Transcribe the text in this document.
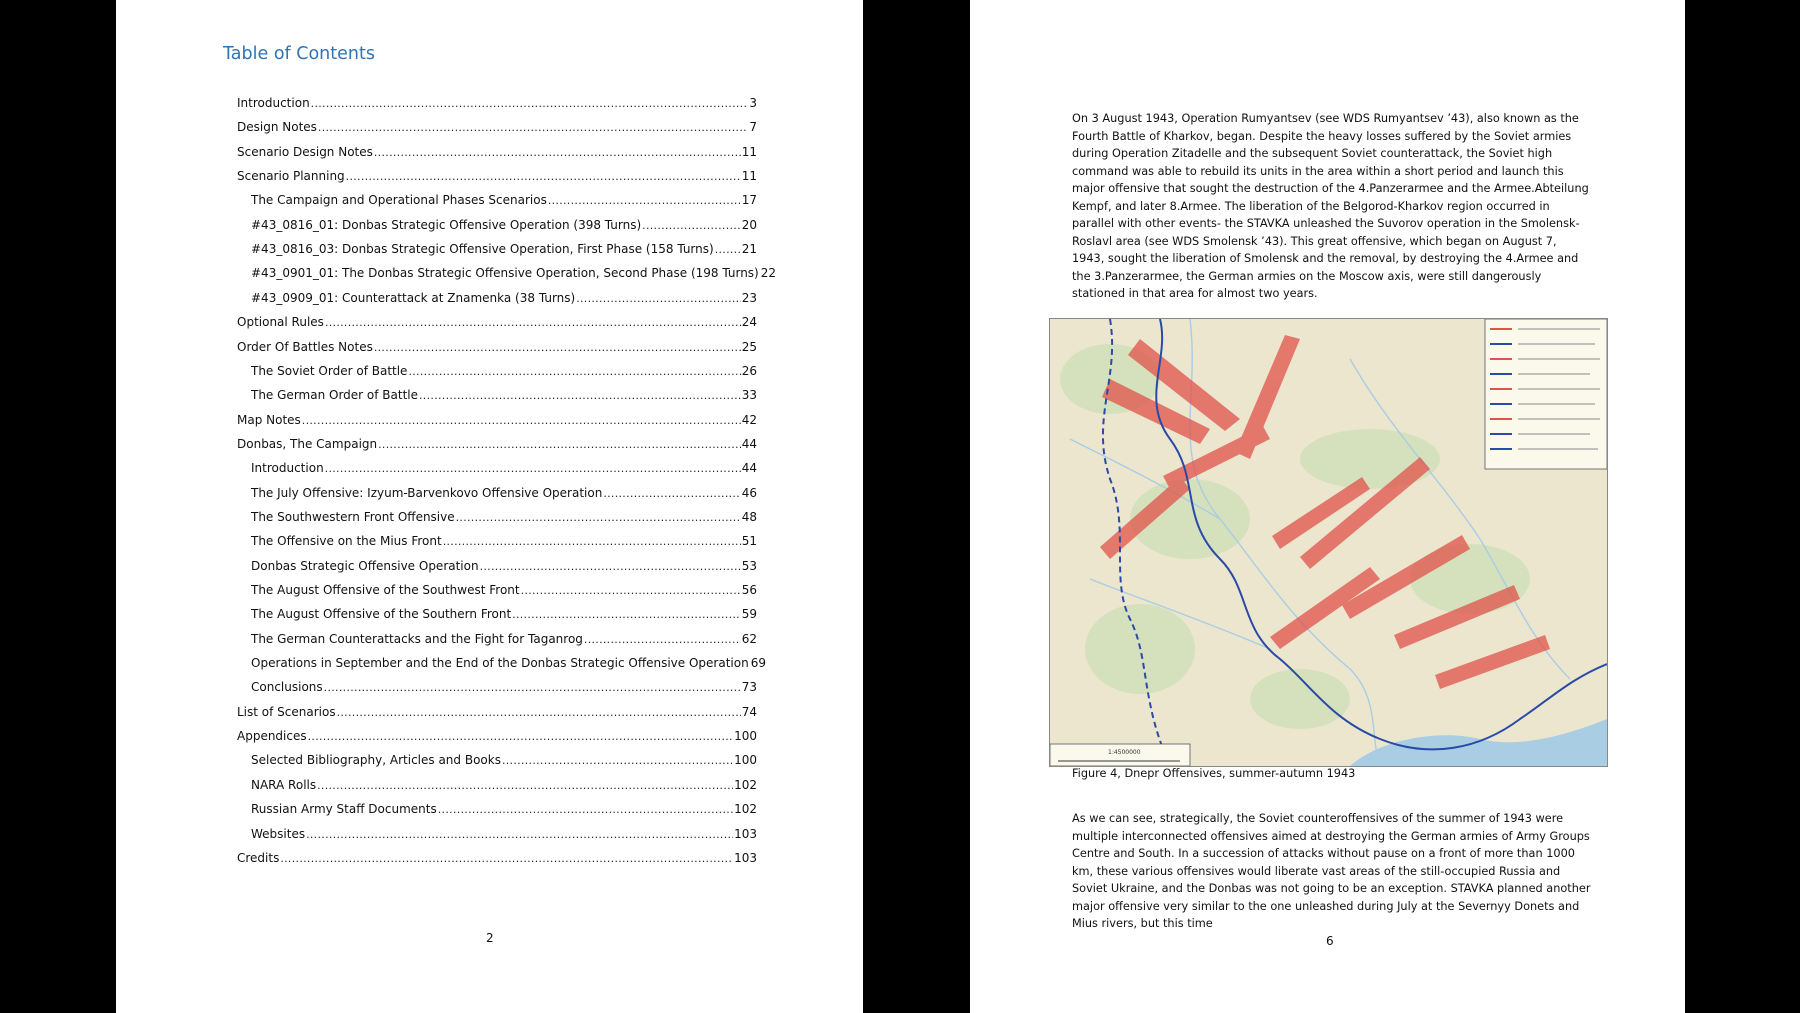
Table of Contents
Introduction .....	3
Design Notes .....	7
Scenario Design Notes .....	11
Scenario Planning .....	11
The Campaign and Operational Phases Scenarios .....	17
#43_0816_01: Donbas Strategic Offensive Operation (398 Turns) .....	20
#43_0816_03: Donbas Strategic Offensive Operation, First Phase (158 Turns) ..... 21
#43_0901_01: The Donbas Strategic Offensive Operation, Second Phase (198 Turns) 22
#43_0909_01: Counterattack at Znamenka (38 Turns) .....	23
Optional Rules .....	24
Order Of Battles Notes .....	25
The Soviet Order of Battle .....	26
The German Order of Battle .....	33
Map Notes .....	42
Donbas, The Campaign .....	44
Introduction .....	44
The July Offensive: Izyum-Barvenkovo Offensive Operation .....	46
The Southwestern Front Offensive .....	48
The Offensive on the Mius Front .....	51
Donbas Strategic Offensive Operation .....	53
The August Offensive of the Southwest Front .....	56
The August Offensive of the Southern Front .....	59
The German Counterattacks and the Fight for Taganrog .....	62
Operations in September and the End of the Donbas Strategic Offensive Operation 69
Conclusions .....	73
List of Scenarios .....	74
Appendices .....	100
Selected Bibliography, Articles and Books .....	100
NARA Rolls .....	102
Russian Army Staff Documents .....	102
Websites .....	103
Credits .....	103
2

On 3 August 1943, Operation Rumyantsev (see WDS Rumyantsev ’43), also known as the Fourth Battle of Kharkov, began. Despite the heavy losses suffered by the Soviet armies during Operation Zitadelle and the subsequent Soviet counterattack, the Soviet high command was able to rebuild its units in the area within a short period and launch this major offensive that sought the destruction of the 4.Panzerarmee and the Armee.Abteilung Kempf, and later 8.Armee. The liberation of the Belgorod-Kharkov region occurred in parallel with other events- the STAVKA unleashed the Suvorov operation in the Smolensk-Roslavl area (see WDS Smolensk ’43). This great offensive, which began on August 7, 1943, sought the liberation of Smolensk and the removal, by destroying the 4.Armee and the 3.Panzerarmee, the German armies on the Moscow axis, were still dangerously stationed in that area for almost two years.

1:4500000

Figure 4, Dnepr Offensives, summer-autumn 1943

As we can see, strategically, the Soviet counteroffensives of the summer of 1943 were multiple interconnected offensives aimed at destroying the German armies of Army Groups Centre and South. In a succession of attacks without pause on a front of more than 1000 km, these various offensives would liberate vast areas of the still-occupied Russia and Soviet Ukraine, and the Donbas was not going to be an exception. STAVKA planned another major offensive very similar to the one unleashed during July at the Severnyy Donets and Mius rivers, but this time

6
